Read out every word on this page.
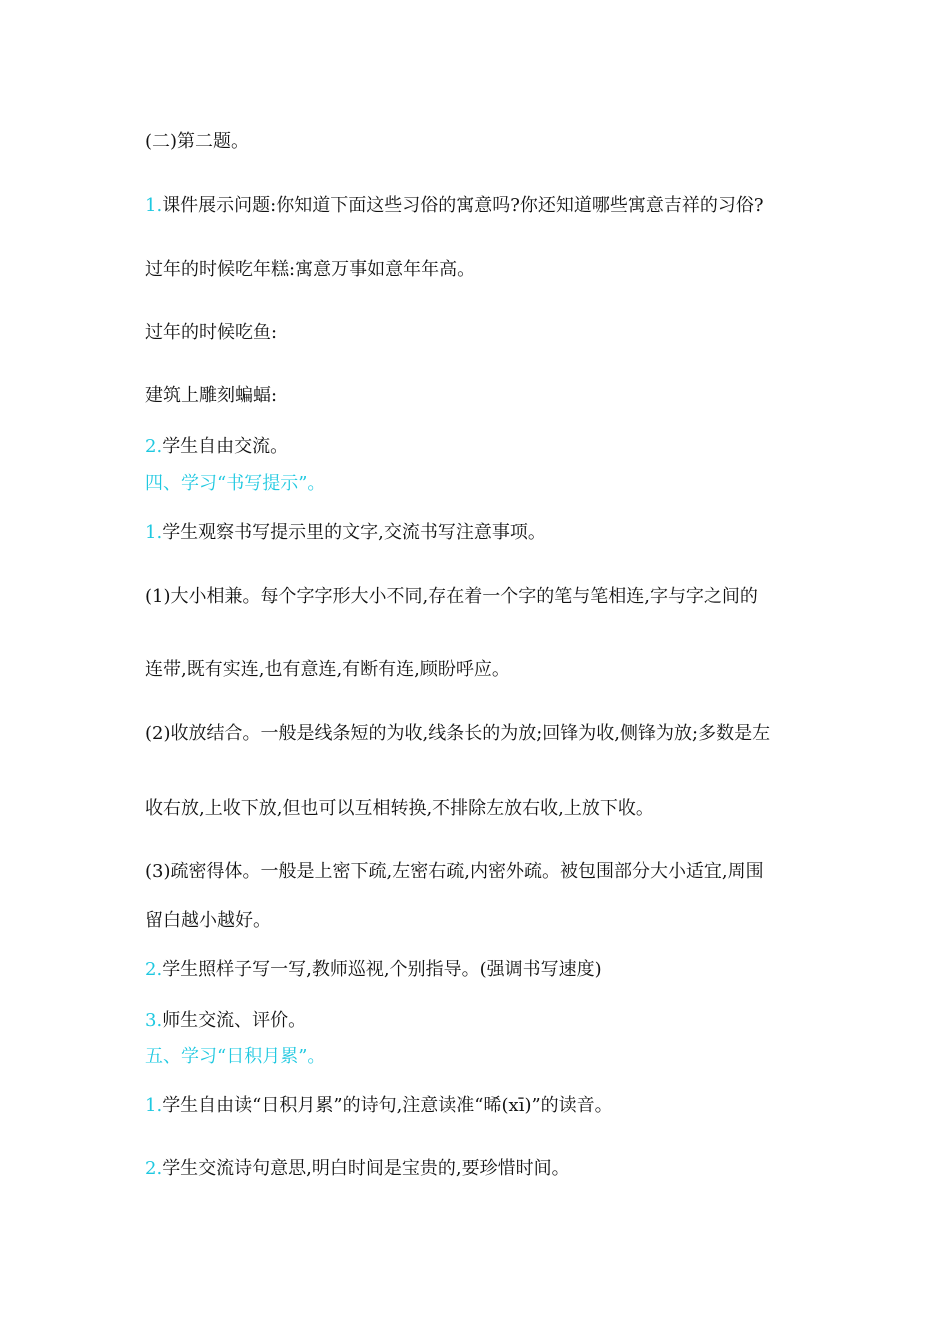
(二)第二题。

1.课件展示问题:你知道下面这些习俗的寓意吗?你还知道哪些寓意吉祥的习俗?

过年的时候吃年糕:寓意万事如意年年高。

过年的时候吃鱼:

建筑上雕刻蝙蝠:

2.学生自由交流。

四、学习“书写提示”。

1.学生观察书写提示里的文字,交流书写注意事项。

(1)大小相兼。每个字字形大小不同,存在着一个字的笔与笔相连,字与字之间的

连带,既有实连,也有意连,有断有连,顾盼呼应。

(2)收放结合。一般是线条短的为收,线条长的为放;回锋为收,侧锋为放;多数是左

收右放,上收下放,但也可以互相转换,不排除左放右收,上放下收。

(3)疏密得体。一般是上密下疏,左密右疏,内密外疏。被包围部分大小适宜,周围

留白越小越好。

2.学生照样子写一写,教师巡视,个别指导。(强调书写速度)

3.师生交流、评价。

五、学习“日积月累”。

1.学生自由读“日积月累”的诗句,注意读准“晞(xī)”的读音。

2.学生交流诗句意思,明白时间是宝贵的,要珍惜时间。
